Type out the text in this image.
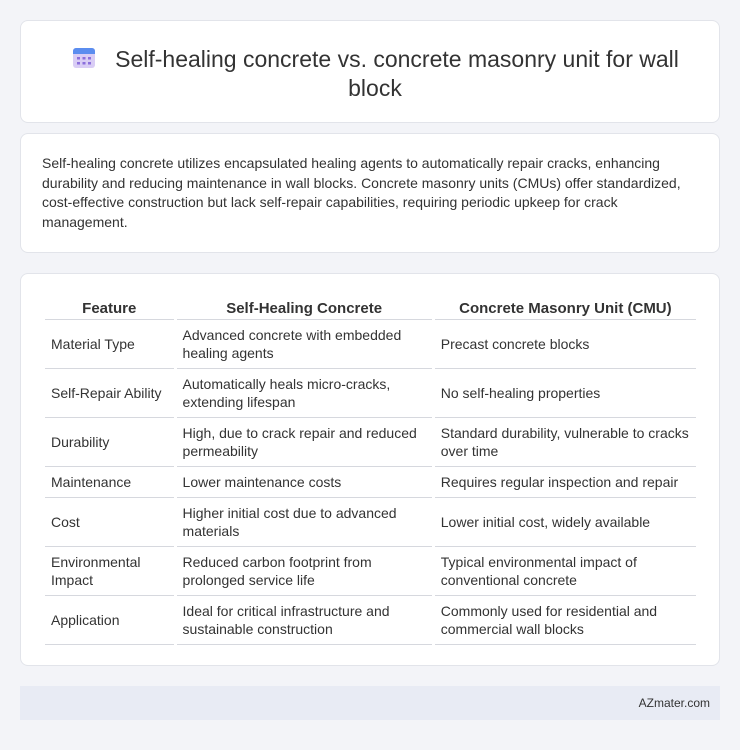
Self-healing concrete vs. concrete masonry unit for wall block

Self-healing concrete utilizes encapsulated healing agents to automatically repair cracks, enhancing durability and reducing maintenance in wall blocks. Concrete masonry units (CMUs) offer standardized, cost-effective construction but lack self-repair capabilities, requiring periodic upkeep for crack management.

Feature	Self-Healing Concrete	Concrete Masonry Unit (CMU)
Material Type	Advanced concrete with embedded healing agents	Precast concrete blocks
Self-Repair Ability	Automatically heals micro-cracks, extending lifespan	No self-healing properties
Durability	High, due to crack repair and reduced permeability	Standard durability, vulnerable to cracks over time
Maintenance	Lower maintenance costs	Requires regular inspection and repair
Cost	Higher initial cost due to advanced materials	Lower initial cost, widely available
Environmental Impact	Reduced carbon footprint from prolonged service life	Typical environmental impact of conventional concrete
Application	Ideal for critical infrastructure and sustainable construction	Commonly used for residential and commercial wall blocks
AZmater.com
